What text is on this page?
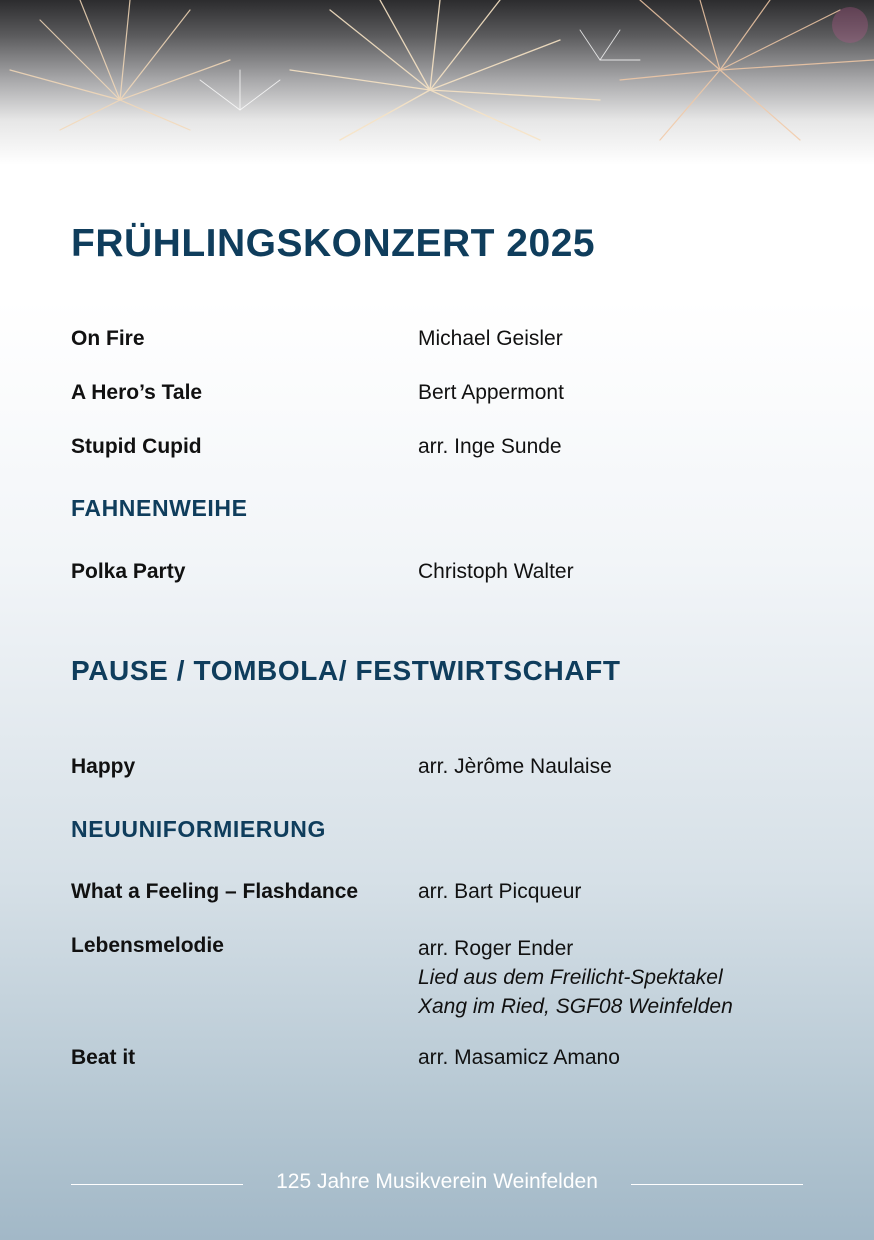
FRÜHLINGSKONZERT 2025
On Fire	Michael Geisler
A Hero’s Tale	Bert Appermont
Stupid Cupid	arr. Inge Sunde
FAHNENWEIHE
Polka Party	Christoph Walter
PAUSE / TOMBOLA/ FESTWIRTSCHAFT
Happy	arr. Jèrôme Naulaise
NEUUNIFORMIERUNG
What a Feeling – Flashdance	arr. Bart Picqueur
Lebensmelodie	arr. Roger Ender
Lied aus dem Freilicht-Spektakel
Xang im Ried, SGF08 Weinfelden
Beat it	arr. Masamicz Amano
125 Jahre Musikverein Weinfelden
